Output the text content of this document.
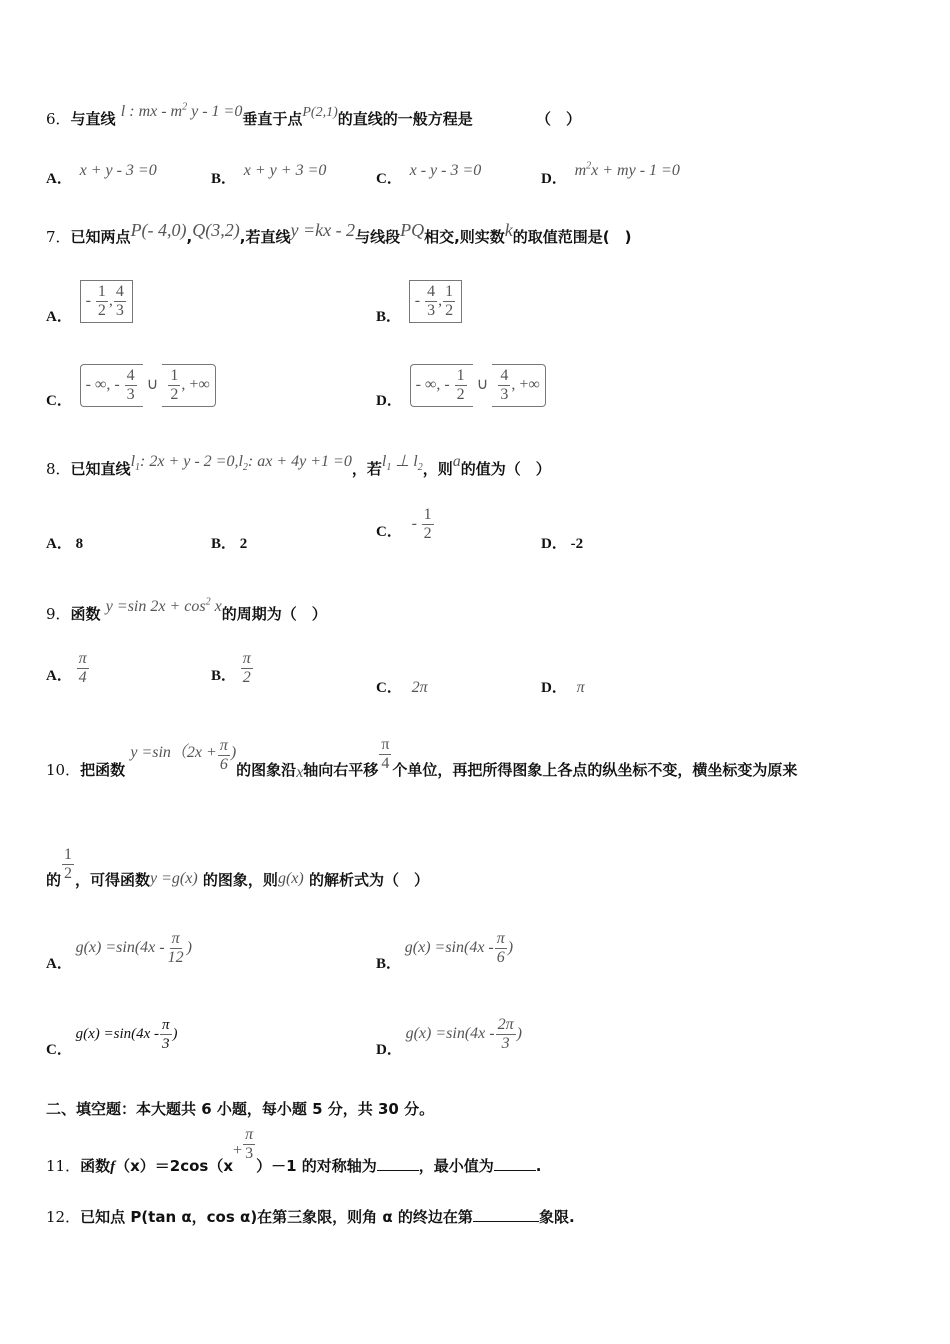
6．与直线 l : mx - $m^2$ y - 1 =0垂直于点P(2,1)的直线的一般方程是	（　）
A． x + y - 3 =0	B． x + y + 3 =0	C． x - y - 3 =0	D． $m^2x$ + my - 1 =0
7．已知两点P(- 4,0),Q(3,2),若直线y =kx - 2与线段PQ相交,则实数k的取值范围是(　)
A． - $\frac{1}{2}$ , $\frac{4}{3}$	B． - $\frac{4}{3}$ , $\frac{1}{2}$
C． - ∞, - $\frac{4}{3}$ ∪ $\frac{1}{2}$ , +∞
D． - ∞, - $\frac{1}{2}$ ∪ $\frac{4}{3}$ , +∞
8．已知直线$l_1$: $2x + y - 2 =0,l_2$: ax + 4y +1 =0，若$l_1$ ⊥ $l_2$，则a的值为（　）
A． 8	B． 2
C． - $\frac{1}{2}$
D． -2
9．函数 y =sin $2x + \cos^2 x$的周期为（　）
A． $\frac{\pi}{4}$	B． $\frac{\pi}{2}$
C． 2π	D． π
10．把函数 $y =\sin(2x + \frac{\pi}{6}$ )的图象沿x轴向右平移 $\frac{\pi}{4}$ 个单位，再把所得图象上各点的纵坐标不变，横坐标变为原来
的 $\frac{1}{2}$ ，可得函数y =g(x) 的图象，则g(x) 的解析式为（　）
A． $g(x) =\sin(4x - \frac{\pi}{12}$ )
B． $g(x) =\sin(4x - \frac{\pi}{6}$ )
C． $g(x) =\sin(4x - \frac{\pi}{3}$ )
D． $g(x) =\sin(4x - \frac{2\pi}{3}$ )
二、填空题：本大题共 6 小题，每小题 5 分，共 30 分。
11．函数$f(x)=2\cos(x+ \frac{\pi}{3}$
）－1 的对称轴为	，最小值为	.
12．已知点 P(tan α，cos α)在第三象限，则角 α 的终边在第	象限.
